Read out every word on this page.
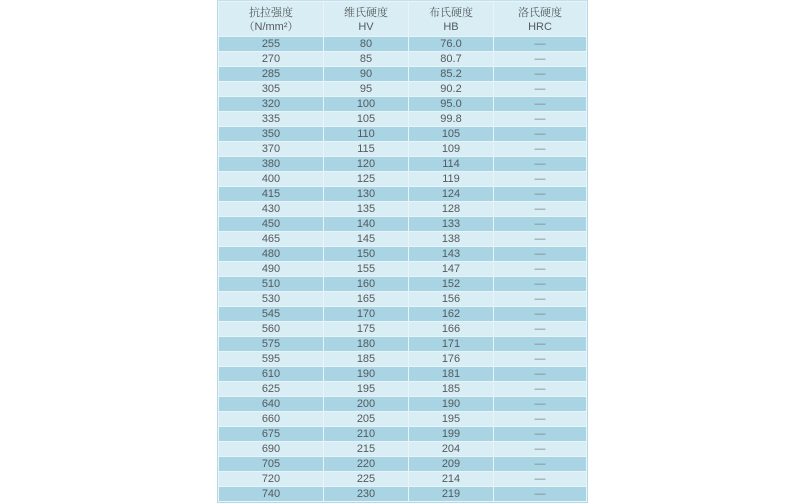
抗拉强度
（N/mm²）	维氏硬度
HV	布氏硬度
HB	洛氏硬度
HRC

255	80	76.0	—
270	85	80.7	—
285	90	85.2	—
305	95	90.2	—
320	100	95.0	—
335	105	99.8	—
350	110	105	—
370	115	109	—
380	120	114	—
400	125	119	—
415	130	124	—
430	135	128	—
450	140	133	—
465	145	138	—
480	150	143	—
490	155	147	—
510	160	152	—
530	165	156	—
545	170	162	—
560	175	166	—
575	180	171	—
595	185	176	—
610	190	181	—
625	195	185	—
640	200	190	—
660	205	195	—
675	210	199	—
690	215	204	—
705	220	209	—
720	225	214	—
740	230	219	—
